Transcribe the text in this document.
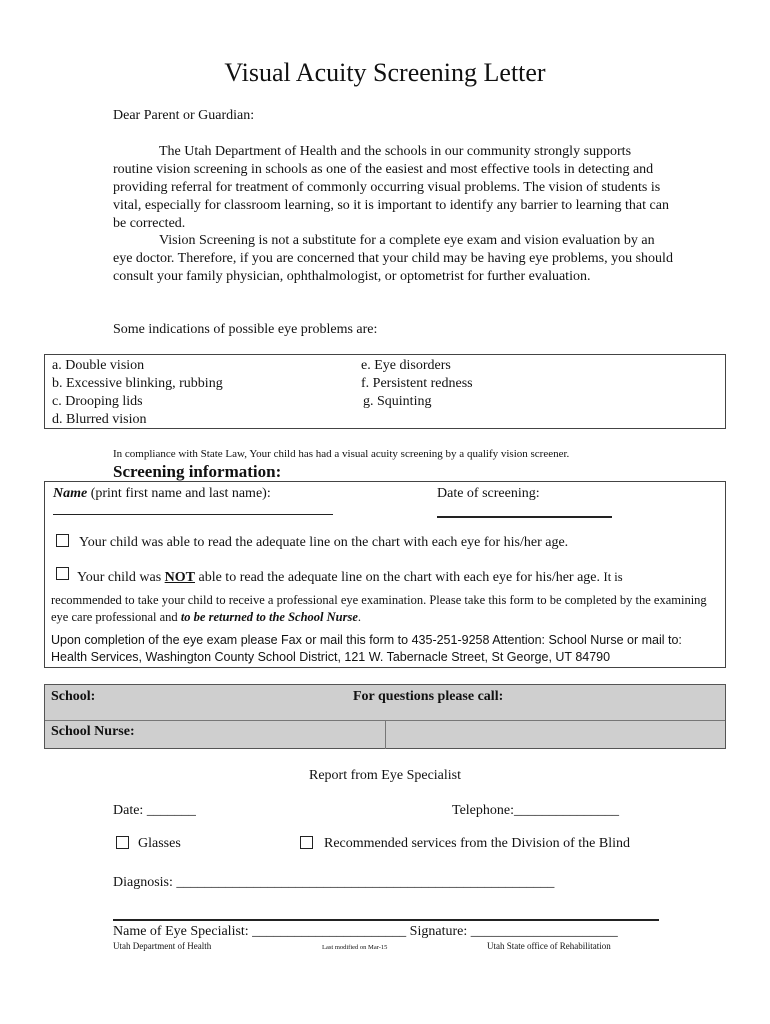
Visual Acuity Screening Letter
Dear Parent or Guardian:
The Utah Department of Health and the schools in our community strongly supports routine vision screening in schools as one of the easiest and most effective tools in detecting and providing referral for treatment of commonly occurring visual problems. The vision of students is vital, especially for classroom learning, so it is important to identify any barrier to learning that can be corrected.
Vision Screening is not a substitute for a complete eye exam and vision evaluation by an eye doctor. Therefore, if you are concerned that your child may be having eye problems, you should consult your family physician, ophthalmologist, or optometrist for further evaluation.
Some indications of possible eye problems are:
a. Double vision
b. Excessive blinking, rubbing
c. Drooping lids
d. Blurred vision
e. Eye disorders
f. Persistent redness
g. Squinting
In compliance with State Law, Your child has had a visual acuity screening by a qualify vision screener.
Screening information:
Name (print first name and last name):	Date of screening:
Your child was able to read the adequate line on the chart with each eye for his/her age.
Your child was NOT able to read the adequate line on the chart with each eye for his/her age. It is
recommended to take your child to receive a professional eye examination. Please take this form to be completed by the examining eye care professional and to be returned to the School Nurse.
Upon completion of the eye exam please Fax or mail this form to 435-251-9258 Attention: School Nurse or mail to: Health Services, Washington County School District, 121 W. Tabernacle Street, St George, UT 84790
School:	For questions please call:
School Nurse:
Report from Eye Specialist
Date: _______	Telephone:_______________
Glasses	Recommended services from the Division of the Blind
Diagnosis: ______________________________________________________
Name of Eye Specialist: ______________________ Signature: _____________________
Utah Department of Health	Last modified on Mar-15	Utah State office of Rehabilitation
